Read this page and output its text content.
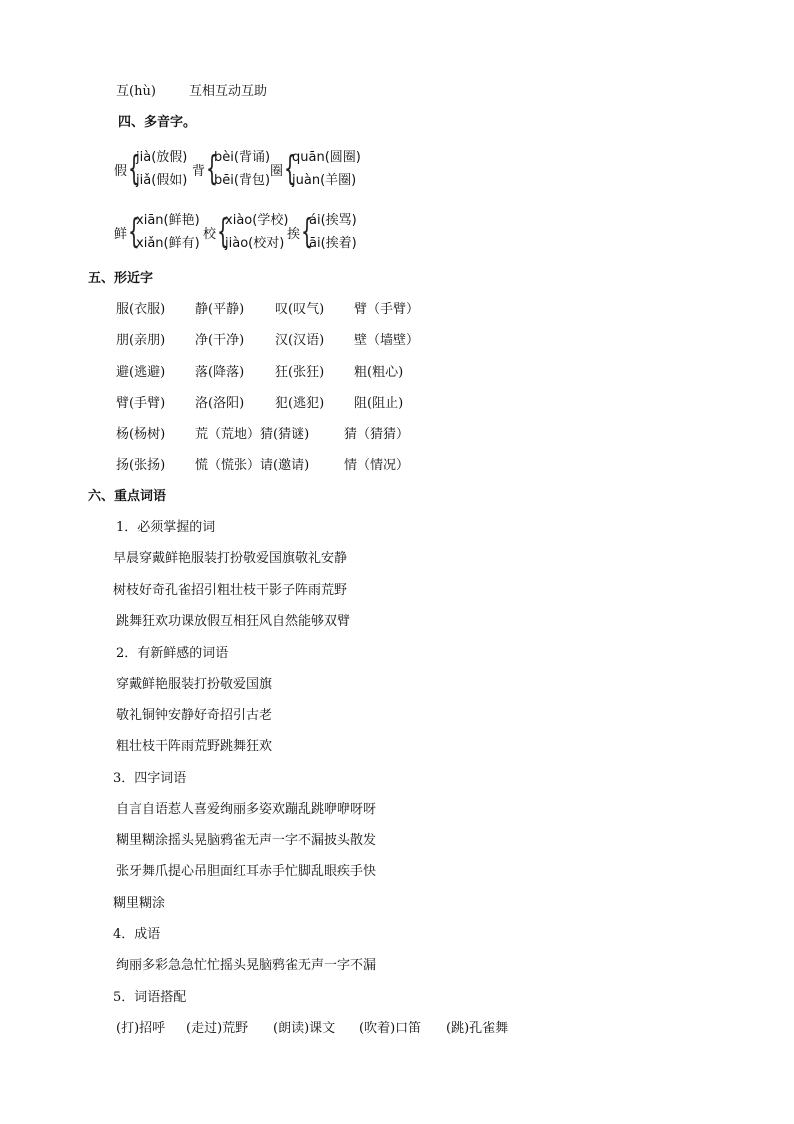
互(hù)	互相互动互助
四、多音字。
假 {
jià(放假)
jiǎ(假如)
背 {
bèi(背诵)
bēi(背包)
圈 {
quān(圆圈)
juàn(羊圈)
鲜 {
xiān(鲜艳)
xiǎn(鲜有)
校 {
xiào(学校)
jiào(校对)
挨 {
ái(挨骂)
āi(挨着)
五、形近字
服(衣服) 静(平静) 叹(叹气) 臂（手臂）
朋(亲朋) 净(干净) 汉(汉语) 壁（墙壁）
避(逃避) 落(降落) 狂(张狂) 粗(粗心)
臂(手臂) 洛(洛阳) 犯(逃犯) 阻(阻止)
杨(杨树) 荒（荒地）猜(猜谜)	猜（猜猜）
扬(张扬) 慌（慌张）请(邀请)	情（情况）
六、重点词语
1．必须掌握的词
早晨穿戴鲜艳服装打扮敬爱国旗敬礼安静
树枝好奇孔雀招引粗壮枝干影子阵雨荒野
跳舞狂欢功课放假互相狂风自然能够双臂
2．有新鲜感的词语
穿戴鲜艳服装打扮敬爱国旗
敬礼铜钟安静好奇招引古老
粗壮枝干阵雨荒野跳舞狂欢
3．四字词语
自言自语惹人喜爱绚丽多姿欢蹦乱跳咿咿呀呀
糊里糊涂摇头晃脑鸦雀无声一字不漏披头散发
张牙舞爪提心吊胆面红耳赤手忙脚乱眼疾手快
糊里糊涂
4．成语
绚丽多彩急急忙忙摇头晃脑鸦雀无声一字不漏
5．词语搭配
(打)招呼 (走过)荒野 (朗读)课文 (吹着)口笛 (跳)孔雀舞
